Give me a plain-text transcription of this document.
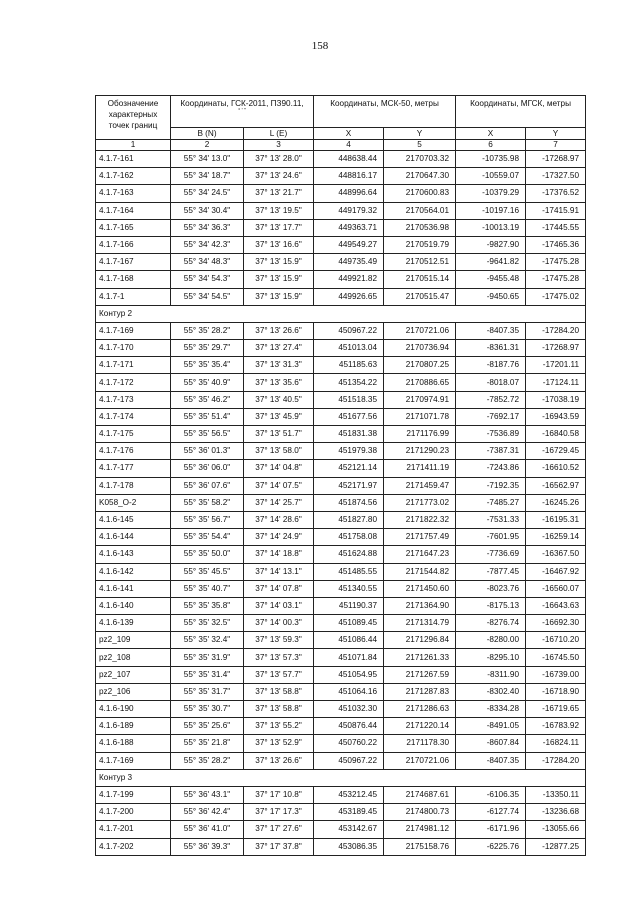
158
Обозначение характерных точек границ	Координаты, ГСК-2011, ПЗ90.11,
° ' "		Координаты, МСК-50, метры		Координаты, МГСК, метры	
	B (N)	L (E)	X	Y	X	Y
1	2	3	4	5	6	7
4.1.7-161	55° 34' 13.0"	37° 13' 28.0"	448638.44	2170703.32	-10735.98	-17268.97
4.1.7-162	55° 34' 18.7"	37° 13' 24.6"	448816.17	2170647.30	-10559.07	-17327.50
4.1.7-163	55° 34' 24.5"	37° 13' 21.7"	448996.64	2170600.83	-10379.29	-17376.52
4.1.7-164	55° 34' 30.4"	37° 13' 19.5"	449179.32	2170564.01	-10197.16	-17415.91
4.1.7-165	55° 34' 36.3"	37° 13' 17.7"	449363.71	2170536.98	-10013.19	-17445.55
4.1.7-166	55° 34' 42.3"	37° 13' 16.6"	449549.27	2170519.79	-9827.90	-17465.36
4.1.7-167	55° 34' 48.3"	37° 13' 15.9"	449735.49	2170512.51	-9641.82	-17475.28
4.1.7-168	55° 34' 54.3"	37° 13' 15.9"	449921.82	2170515.14	-9455.48	-17475.28
4.1.7-1	55° 34' 54.5"	37° 13' 15.9"	449926.65	2170515.47	-9450.65	-17475.02
Контур 2						
4.1.7-169	55° 35' 28.2"	37° 13' 26.6"	450967.22	2170721.06	-8407.35	-17284.20
4.1.7-170	55° 35' 29.7"	37° 13' 27.4"	451013.04	2170736.94	-8361.31	-17268.97
4.1.7-171	55° 35' 35.4"	37° 13' 31.3"	451185.63	2170807.25	-8187.76	-17201.11
4.1.7-172	55° 35' 40.9"	37° 13' 35.6"	451354.22	2170886.65	-8018.07	-17124.11
4.1.7-173	55° 35' 46.2"	37° 13' 40.5"	451518.35	2170974.91	-7852.72	-17038.19
4.1.7-174	55° 35' 51.4"	37° 13' 45.9"	451677.56	2171071.78	-7692.17	-16943.59
4.1.7-175	55° 35' 56.5"	37° 13' 51.7"	451831.38	2171176.99	-7536.89	-16840.58
4.1.7-176	55° 36' 01.3"	37° 13' 58.0"	451979.38	2171290.23	-7387.31	-16729.45
4.1.7-177	55° 36' 06.0"	37° 14' 04.8"	452121.14	2171411.19	-7243.86	-16610.52
4.1.7-178	55° 36' 07.6"	37° 14' 07.5"	452171.97	2171459.47	-7192.35	-16562.97
K058_O-2	55° 35' 58.2"	37° 14' 25.7"	451874.56	2171773.02	-7485.27	-16245.26
4.1.6-145	55° 35' 56.7"	37° 14' 28.6"	451827.80	2171822.32	-7531.33	-16195.31
4.1.6-144	55° 35' 54.4"	37° 14' 24.9"	451758.08	2171757.49	-7601.95	-16259.14
4.1.6-143	55° 35' 50.0"	37° 14' 18.8"	451624.88	2171647.23	-7736.69	-16367.50
4.1.6-142	55° 35' 45.5"	37° 14' 13.1"	451485.55	2171544.82	-7877.45	-16467.92
4.1.6-141	55° 35' 40.7"	37° 14' 07.8"	451340.55	2171450.60	-8023.76	-16560.07
4.1.6-140	55° 35' 35.8"	37° 14' 03.1"	451190.37	2171364.90	-8175.13	-16643.63
4.1.6-139	55° 35' 32.5"	37° 14' 00.3"	451089.45	2171314.79	-8276.74	-16692.30
pz2_109	55° 35' 32.4"	37° 13' 59.3"	451086.44	2171296.84	-8280.00	-16710.20
pz2_108	55° 35' 31.9"	37° 13' 57.3"	451071.84	2171261.33	-8295.10	-16745.50
pz2_107	55° 35' 31.4"	37° 13' 57.7"	451054.95	2171267.59	-8311.90	-16739.00
pz2_106	55° 35' 31.7"	37° 13' 58.8"	451064.16	2171287.83	-8302.40	-16718.90
4.1.6-190	55° 35' 30.7"	37° 13' 58.8"	451032.30	2171286.63	-8334.28	-16719.65
4.1.6-189	55° 35' 25.6"	37° 13' 55.2"	450876.44	2171220.14	-8491.05	-16783.92
4.1.6-188	55° 35' 21.8"	37° 13' 52.9"	450760.22	2171178.30	-8607.84	-16824.11
4.1.7-169	55° 35' 28.2"	37° 13' 26.6"	450967.22	2170721.06	-8407.35	-17284.20
Контур 3						
4.1.7-199	55° 36' 43.1"	37° 17' 10.8"	453212.45	2174687.61	-6106.35	-13350.11
4.1.7-200	55° 36' 42.4"	37° 17' 17.3"	453189.45	2174800.73	-6127.74	-13236.68
4.1.7-201	55° 36' 41.0"	37° 17' 27.6"	453142.67	2174981.12	-6171.96	-13055.66
4.1.7-202	55° 36' 39.3"	37° 17' 37.8"	453086.35	2175158.76	-6225.76	-12877.25
